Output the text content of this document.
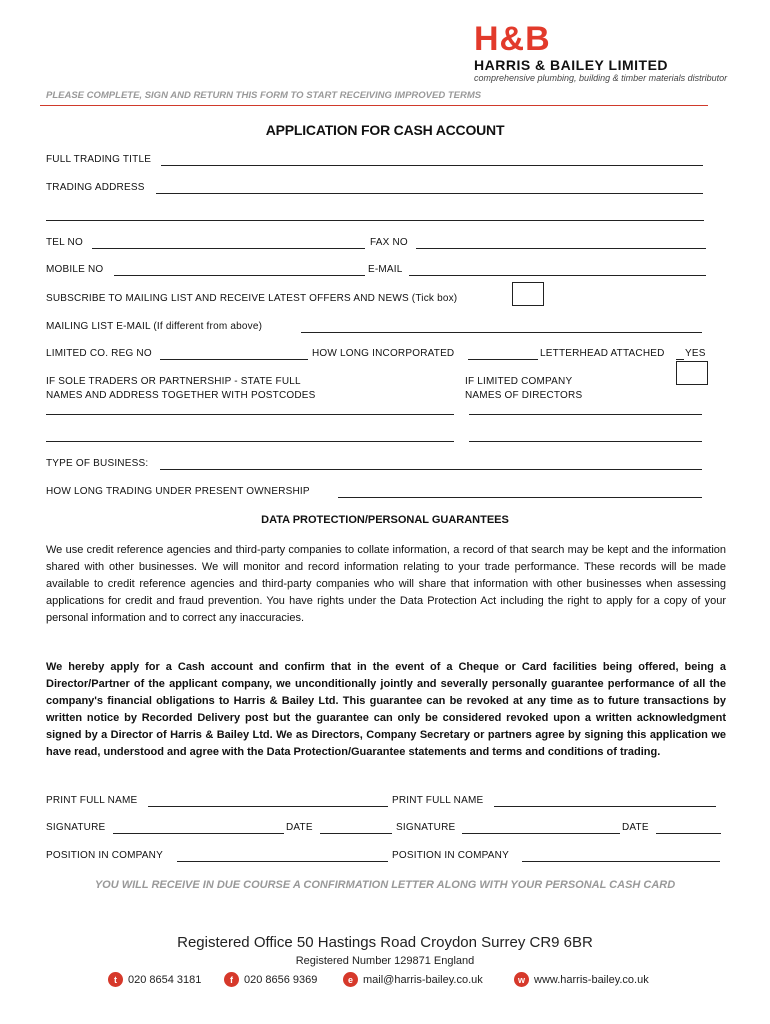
H&B
HARRIS & BAILEY LIMITED
comprehensive plumbing, building & timber materials distributor
PLEASE COMPLETE, SIGN AND RETURN THIS FORM TO START RECEIVING IMPROVED TERMS
APPLICATION FOR CASH ACCOUNT
FULL TRADING TITLE
TRADING ADDRESS
TEL NO	FAX NO
MOBILE NO	E-MAIL
SUBSCRIBE TO MAILING LIST AND RECEIVE LATEST OFFERS AND NEWS (Tick box)
MAILING LIST E-MAIL (If different from above)
LIMITED CO. REG NO	HOW LONG INCORPORATED	LETTERHEAD ATTACHED YES
IF SOLE TRADERS OR PARTNERSHIP - STATE FULL
NAMES AND ADDRESS TOGETHER WITH POSTCODES
IF LIMITED COMPANY
NAMES OF DIRECTORS
TYPE OF BUSINESS:
HOW LONG TRADING UNDER PRESENT OWNERSHIP
DATA PROTECTION/PERSONAL GUARANTEES
We use credit reference agencies and third-party companies to collate information, a record of that search may be kept and the information shared with other businesses. We will monitor and record information relating to your trade performance. These records will be made available to credit reference agencies and third-party companies who will share that information with other businesses when assessing applications for credit and fraud prevention. You have rights under the Data Protection Act including the right to apply for a copy of your personal information and to correct any inaccuracies.
We hereby apply for a Cash account and confirm that in the event of a Cheque or Card facilities being offered, being a Director/Partner of the applicant company, we unconditionally jointly and severally personally guarantee performance of all the company's financial obligations to Harris & Bailey Ltd. This guarantee can be revoked at any time as to future transactions by written notice by Recorded Delivery post but the guarantee can only be considered revoked upon a written acknowledgment signed by a Director of Harris & Bailey Ltd. We as Directors, Company Secretary or partners agree by signing this application we have read, understood and agree with the Data Protection/Guarantee statements and terms and conditions of trading.
PRINT FULL NAME	PRINT FULL NAME
SIGNATURE	DATE	SIGNATURE	DATE
POSITION IN COMPANY	POSITION IN COMPANY
YOU WILL RECEIVE IN DUE COURSE A CONFIRMATION LETTER ALONG WITH YOUR PERSONAL CASH CARD
Registered Office 50 Hastings Road Croydon Surrey CR9 6BR
Registered Number 129871 England
t	020 8654 3181	f	020 8656 9369	e mail@harris-bailey.co.uk	w www.harris-bailey.co.uk
